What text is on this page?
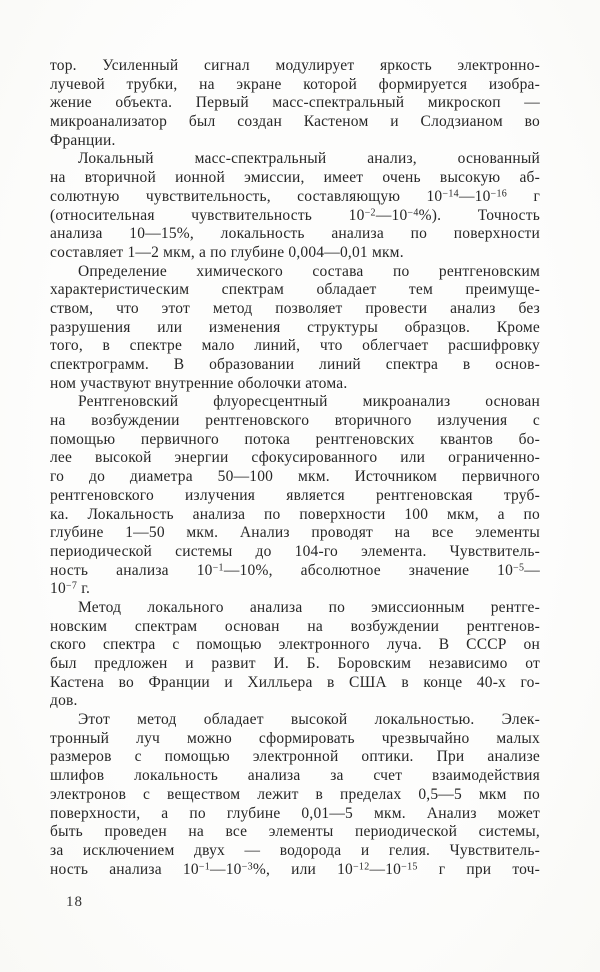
тор. Усиленный сигнал модулирует яркость электронно-
лучевой трубки, на экране которой формируется изобра-
жение объекта. Первый масс-спектральный микроскоп —
микроанализатор был создан Кастеном и Слодзианом во
Франции.
Локальный масс-спектральный анализ, основанный
на вторичной ионной эмиссии, имеет очень высокую аб-
солютную чувствительность, составляющую $10^{-14}—10^{-16}$ г
(относительная чувствительность $10^{-2}—10^{-4}\%$). Точность
анализа 10—15%, локальность анализа по поверхности
составляет 1—2 мкм, а по глубине 0,004—0,01 мкм.
Определение химического состава по рентгеновским
характеристическим спектрам обладает тем преимуще-
ством, что этот метод позволяет провести анализ без
разрушения или изменения структуры образцов. Кроме
того, в спектре мало линий, что облегчает расшифровку
спектрограмм. В образовании линий спектра в основ-
ном участвуют внутренние оболочки атома.
Рентгеновский флуоресцентный микроанализ основан
на возбуждении рентгеновского вторичного излучения с
помощью первичного потока рентгеновских квантов бо-
лее высокой энергии сфокусированного или ограниченно-
го до диаметра 50—100 мкм. Источником первичного
рентгеновского излучения является рентгеновская труб-
ка. Локальность анализа по поверхности 100 мкм, а по
глубине 1—50 мкм. Анализ проводят на все элементы
периодической системы до 104-го элемента. Чувствитель-
ность анализа $10^{-1}—10\%$, абсолютное значение $10^{-5}—$
$10^{-7}$ г.
Метод локального анализа по эмиссионным рентге-
новским спектрам основан на возбуждении рентгенов-
ского спектра с помощью электронного луча. В СССР он
был предложен и развит И. Б. Боровским независимо от
Кастена во Франции и Хилльера в США в конце 40-х го-
дов.
Этот метод обладает высокой локальностью. Элек-
тронный луч можно сформировать чрезвычайно малых
размеров с помощью электронной оптики. При анализе
шлифов локальность анализа за счет взаимодействия
электронов с веществом лежит в пределах 0,5—5 мкм по
поверхности, а по глубине 0,01—5 мкм. Анализ может
быть проведен на все элементы периодической системы,
за исключением двух — водорода и гелия. Чувствитель-
ность анализа $10^{-1}—10^{-3}\%$, или $10^{-12}—10^{-15}$ г при точ-
18
